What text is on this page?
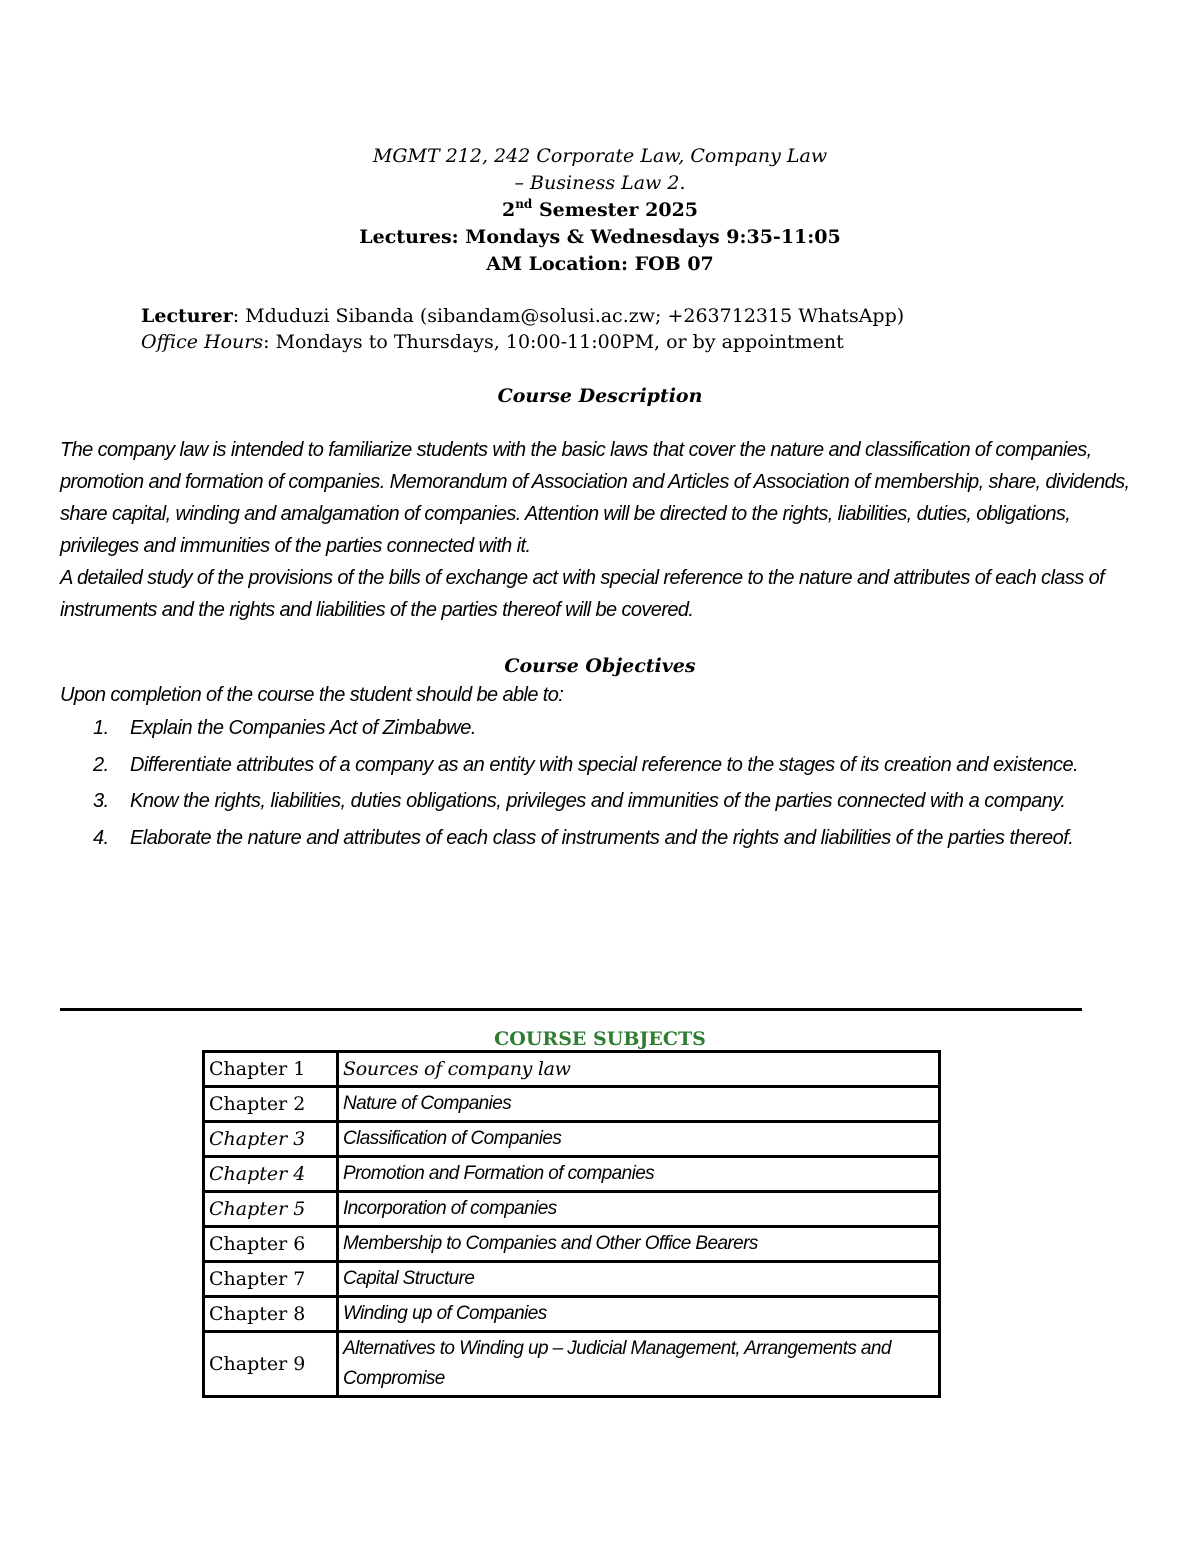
MGMT 212, 242 Corporate Law, Company Law
– Business Law 2.
2nd Semester 2025
Lectures: Mondays & Wednesdays 9:35-11:05
AM Location: FOB 07
Lecturer: Mduduzi Sibanda (sibandam@solusi.ac.zw; +263712315 WhatsApp)
Office Hours: Mondays to Thursdays, 10:00-11:00PM, or by appointment
Course Description

The company law is intended to familiarize students with the basic laws that cover the nature and classification of companies, promotion and formation of companies. Memorandum of Association and Articles of Association of membership, share, dividends, share capital, winding and amalgamation of companies. Attention will be directed to the rights, liabilities, duties, obligations, privileges and immunities of the parties connected with it.

A detailed study of the provisions of the bills of exchange act with special reference to the nature and attributes of each class of instruments and the rights and liabilities of the parties thereof will be covered.

Course Objectives
Upon completion of the course the student should be able to:
1. Explain the Companies Act of Zimbabwe.
2. Differentiate attributes of a company as an entity with special reference to the stages of its creation and existence.
3. Know the rights, liabilities, duties obligations, privileges and immunities of the parties connected with a company.
4. Elaborate the nature and attributes of each class of instruments and the rights and liabilities of the parties thereof.
COURSE SUBJECTS
Chapter 1	Sources of company law
Chapter 2	Nature of Companies
Chapter 3	Classification of Companies
Chapter 4	Promotion and Formation of companies
Chapter 5	Incorporation of companies
Chapter 6	Membership to Companies and Other Office Bearers
Chapter 7	Capital Structure
Chapter 8	Winding up of Companies
Chapter 9	Alternatives to Winding up – Judicial Management, Arrangements and Compromise
